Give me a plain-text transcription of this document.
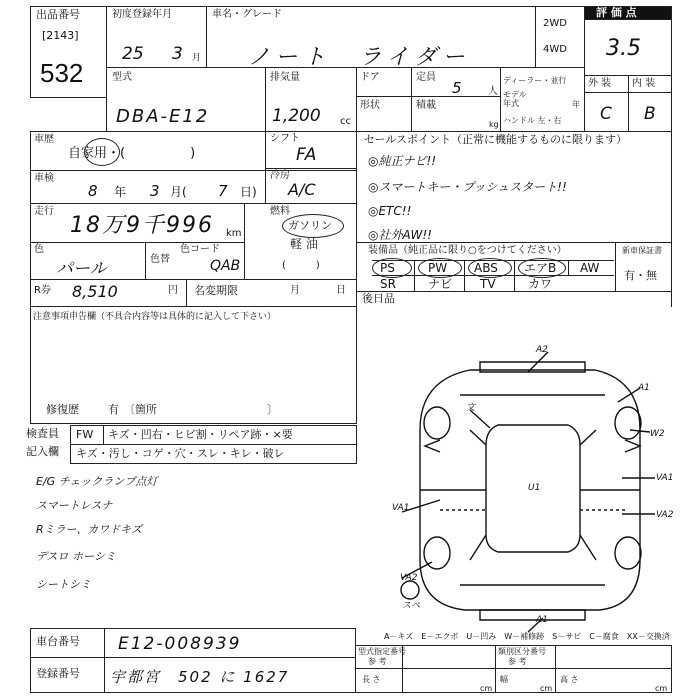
出品番号
[2143]
532
初度登録年月
25 3 月
車名・グレード
ノート　ライダー
2WD
4WD
評 価 点
3.5
型式
DBA-E12
排気量
1,200 cc
ドア	定員
5	人
形状	積載
kg
ディーラー・並行
モデル 年式	年
ハンドル 左・右
外 装 内 装
C B
車歴
自家用・(　　　　　)
車検
8 年 3 月( 7 日)
走行
18万9千996 km
色
パール	色替
色コード
QAB
シフト
FA
冷房
A/C
燃料
ガソリン
軽 油
(　　　)
R券 8,510	円 名変期限	月	日
注意事項申告欄（不具合内容等は具体的に記入して下さい）
修復歴	有 〔箇所　　　　　　　　　　〕
検査員
記入欄
FW キズ・凹右・ヒビ割・リペア跡・×要
キズ・汚し・コゲ・穴・スレ・キレ・破レ
E/G チェックランプ点灯
スマートレスナ
Rミラー、カワドキズ
デスロ ホーシミ
シートシミ
セールスポイント（正常に機能するものに限ります）
◎純正ナビ!!
◎スマートキー・プッシュスタート!!
◎ETC!!
◎社外AW!!
装備品（純正品に限り○をつけてください）	新車保証書
有・無
PS	PW ABS エアB AW
SR	ナビ TV	カワ
後日品
A2
A1
W2
VA1
VA2
VA1
VA2
U1
文
A1
スペ
A－キズ　E－エクボ　U－凹み　W－補修跡　S－サビ　C－腐食　XX－交換済
車台番号 E12-008939
登録番号 宇都宮　502 に 1627
型式指定番号
参 考
類別区分番号
参 考
長 さ
cm
幅
cm
高 さ
cm
